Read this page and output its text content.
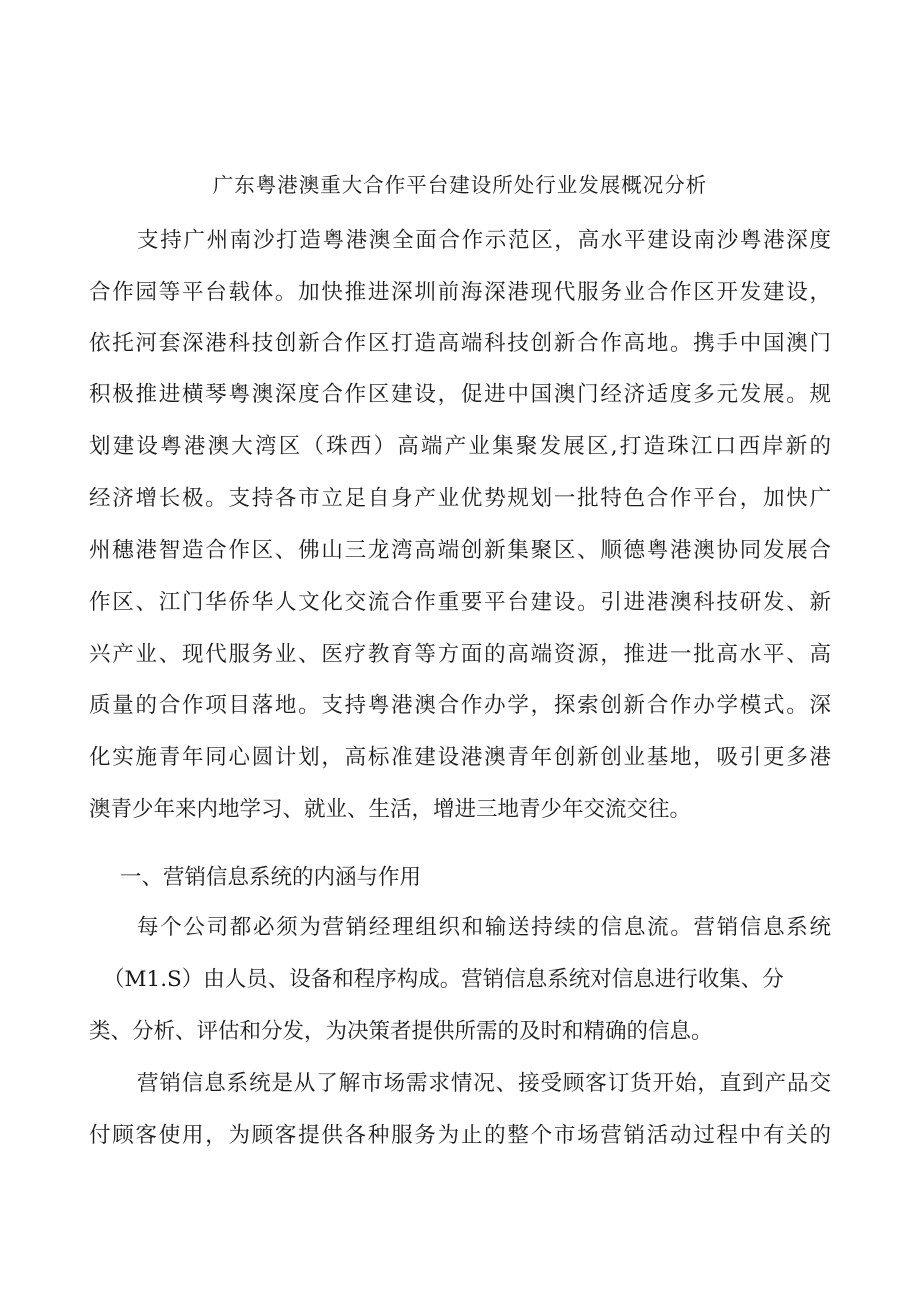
广东粤港澳重大合作平台建设所处行业发展概况分析
支持广州南沙打造粤港澳全面合作示范区，高水平建设南沙粤港深度
合作园等平台载体。加快推进深圳前海深港现代服务业合作区开发建设，
依托河套深港科技创新合作区打造高端科技创新合作高地。携手中国澳门
积极推进横琴粤澳深度合作区建设，促进中国澳门经济适度多元发展。规
划建设粤港澳大湾区（珠西）高端产业集聚发展区,打造珠江口西岸新的
经济增长极。支持各市立足自身产业优势规划一批特色合作平台，加快广
州穗港智造合作区、佛山三龙湾高端创新集聚区、顺德粤港澳协同发展合
作区、江门华侨华人文化交流合作重要平台建设。引进港澳科技研发、新
兴产业、现代服务业、医疗教育等方面的高端资源，推进一批高水平、高
质量的合作项目落地。支持粤港澳合作办学，探索创新合作办学模式。深
化实施青年同心圆计划，高标准建设港澳青年创新创业基地，吸引更多港
澳青少年来内地学习、就业、生活，增进三地青少年交流交往。
一、营销信息系统的内涵与作用
每个公司都必须为营销经理组织和输送持续的信息流。营销信息系统
（M1.S）由人员、设备和程序构成。营销信息系统对信息进行收集、分
类、分析、评估和分发，为决策者提供所需的及时和精确的信息。
营销信息系统是从了解市场需求情况、接受顾客订货开始，直到产品交
付顾客使用，为顾客提供各种服务为止的整个市场营销活动过程中有关的
